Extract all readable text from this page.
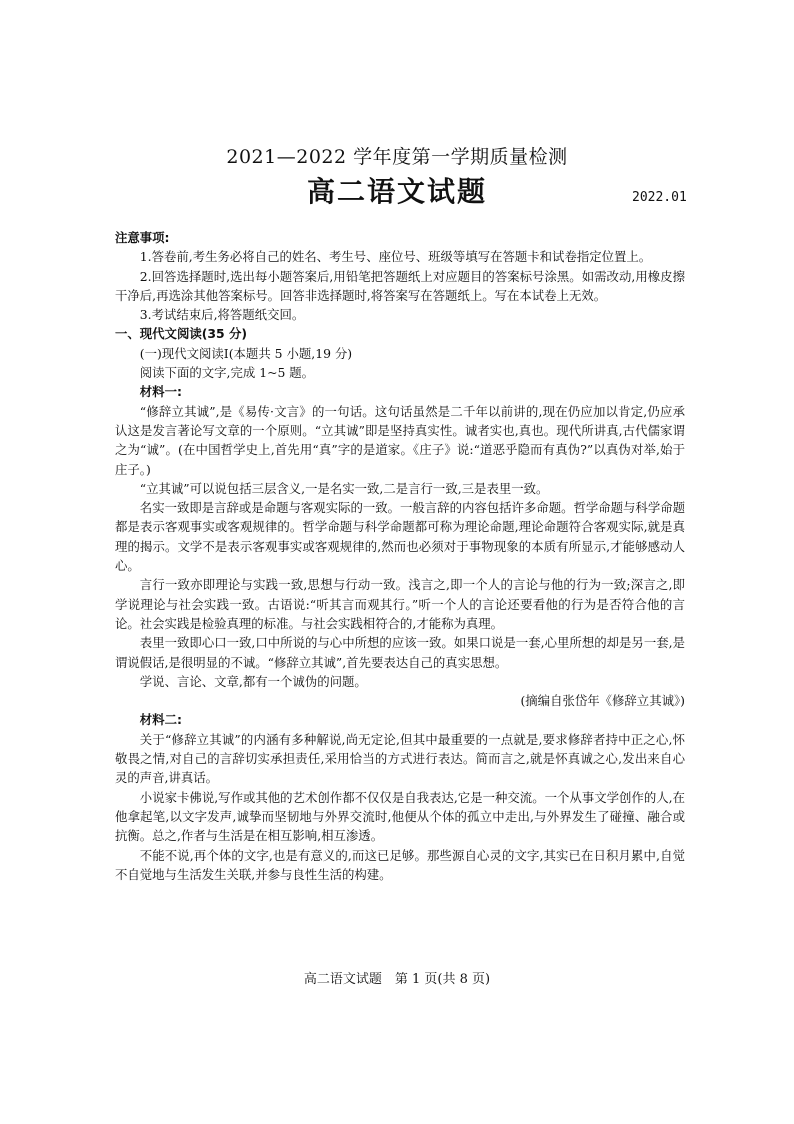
2021—2022 学年度第一学期质量检测
高二语文试题	2022.01

注意事项:

1.答卷前,考生务必将自己的姓名、考生号、座位号、班级等填写在答题卡和试卷指定位置上。

2.回答选择题时,选出每小题答案后,用铅笔把答题纸上对应题目的答案标号涂黑。如需改动,用橡皮擦干净后,再选涂其他答案标号。回答非选择题时,将答案写在答题纸上。写在本试卷上无效。

3.考试结束后,将答题纸交回。

一、现代文阅读(35 分)

(一)现代文阅读Ⅰ(本题共 5 小题,19 分)

阅读下面的文字,完成 1~5 题。

材料一:

“修辞立其诚”,是《易传·文言》的一句话。这句话虽然是二千年以前讲的,现在仍应加以肯定,仍应承认这是发言著论写文章的一个原则。“立其诚”即是坚持真实性。诚者实也,真也。现代所讲真,古代儒家谓之为“诚”。(在中国哲学史上,首先用“真”字的是道家。《庄子》说:“道恶乎隐而有真伪?”以真伪对举,始于庄子。)

“立其诚”可以说包括三层含义,一是名实一致,二是言行一致,三是表里一致。

名实一致即是言辞或是命题与客观实际的一致。一般言辞的内容包括许多命题。哲学命题与科学命题都是表示客观事实或客观规律的。哲学命题与科学命题都可称为理论命题,理论命题符合客观实际,就是真理的揭示。文学不是表示客观事实或客观规律的,然而也必须对于事物现象的本质有所显示,才能够感动人心。

言行一致亦即理论与实践一致,思想与行动一致。浅言之,即一个人的言论与他的行为一致;深言之,即学说理论与社会实践一致。古语说:“听其言而观其行。”听一个人的言论还要看他的行为是否符合他的言论。社会实践是检验真理的标准。与社会实践相符合的,才能称为真理。

表里一致即心口一致,口中所说的与心中所想的应该一致。如果口说是一套,心里所想的却是另一套,是谓说假话,是很明显的不诚。“修辞立其诚”,首先要表达自己的真实思想。

学说、言论、文章,都有一个诚伪的问题。

(摘编自张岱年《修辞立其诚》)

材料二:

关于“修辞立其诚”的内涵有多种解说,尚无定论,但其中最重要的一点就是,要求修辞者持中正之心,怀敬畏之情,对自己的言辞切实承担责任,采用恰当的方式进行表达。简而言之,就是怀真诚之心,发出来自心灵的声音,讲真话。

小说家卡佛说,写作或其他的艺术创作都不仅仅是自我表达,它是一种交流。一个从事文学创作的人,在他拿起笔,以文字发声,诚挚而坚韧地与外界交流时,他便从个体的孤立中走出,与外界发生了碰撞、融合或抗衡。总之,作者与生活是在相互影响,相互渗透。

不能不说,再个体的文字,也是有意义的,而这已足够。那些源自心灵的文字,其实已在日积月累中,自觉不自觉地与生活发生关联,并参与良性生活的构建。

高二语文试题　第 1 页(共 8 页)
